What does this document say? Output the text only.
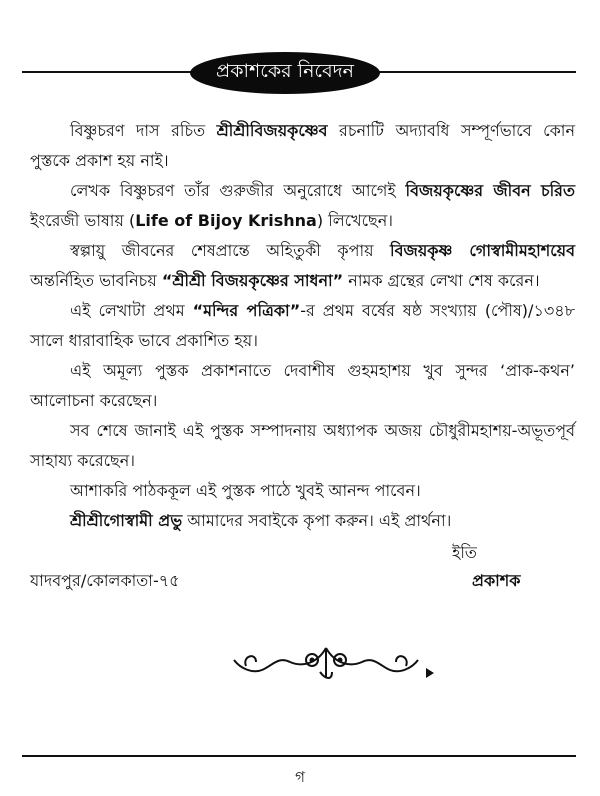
প্রকাশকের নিবেদন

বিষ্ণুচরণ দাস রচিত শ্রীশ্রীবিজয়কৃষ্ণেব রচনাটি অদ্যাবধি সম্পূর্ণভাবে কোন পুস্তকে প্রকাশ হয় নাই।

লেখক বিষ্ণুচরণ তাঁর গুরুজীর অনুরোধে আগেই বিজয়কৃষ্ণের জীবন চরিত ইংরেজী ভাষায় (Life of Bijoy Krishna) লিখেছেন।

স্বল্পায়ু জীবনের শেষপ্রান্তে অহিতুকী কৃপায় বিজয়কৃষ্ণ গোস্বামীমহাশয়েব অন্তর্নিহিত ভাবনিচয় “শ্রীশ্রী বিজয়কৃষ্ণের সাধনা” নামক গ্রন্থের লেখা শেষ করেন।

এই লেখাটা প্রথম “মন্দির পত্রিকা”-র প্রথম বর্ষের ষষ্ঠ সংখ্যায় (পৌষ)/১৩৪৮ সালে ধারাবাহিক ভাবে প্রকাশিত হয়।

এই অমূল্য পুস্তক প্রকাশনাতে দেবাশীষ গুহমহাশয় খুব সুন্দর ‘প্রাক-কথন’ আলোচনা করেছেন।

সব শেষে জানাই এই পুস্তক সম্পাদনায় অধ্যাপক অজয় চৌধুরীমহাশয়-অভূতপূর্ব সাহায্য করেছেন।

আশাকরি পাঠককূল এই পুস্তক পাঠে খুবই আনন্দ পাবেন।

শ্রীশ্রীগোস্বামী প্রভু আমাদের সবাইকে কৃপা করুন। এই প্রার্থনা।

ইতি
যাদবপুর/কোলকাতা-৭৫	প্রকাশক
গ
